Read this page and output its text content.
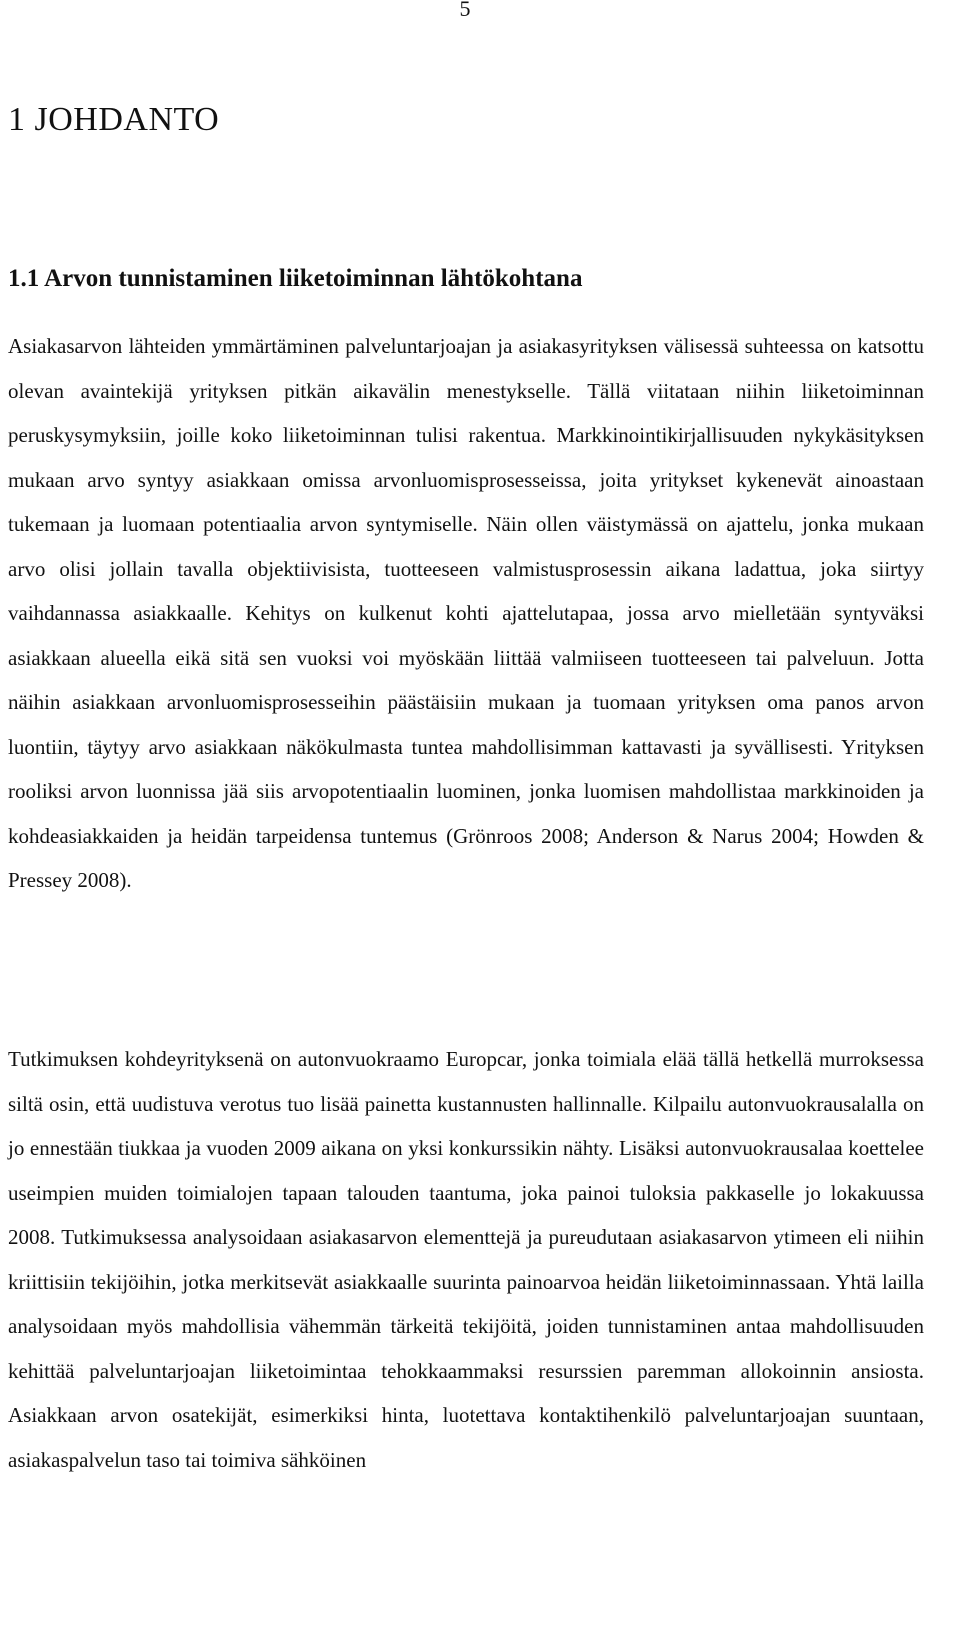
5
1 JOHDANTO
1.1 Arvon tunnistaminen liiketoiminnan lähtökohtana

Asiakasarvon lähteiden ymmärtäminen palveluntarjoajan ja asiakasyrityksen välisessä suhteessa on katsottu olevan avaintekijä yrityksen pitkän aikavälin menestykselle. Tällä viitataan niihin liiketoiminnan peruskysymyksiin, joille koko liiketoiminnan tulisi rakentua. Markkinointikirjallisuuden nykykäsityksen mukaan arvo syntyy asiakkaan omissa arvonluomisprosesseissa, joita yritykset kykenevät ainoastaan tukemaan ja luomaan potentiaalia arvon syntymiselle. Näin ollen väistymässä on ajattelu, jonka mukaan arvo olisi jollain tavalla objektiivisista, tuotteeseen valmistusprosessin aikana ladattua, joka siirtyy vaihdannassa asiakkaalle. Kehitys on kulkenut kohti ajattelutapaa, jossa arvo mielletään syntyväksi asiakkaan alueella eikä sitä sen vuoksi voi myöskään liittää valmiiseen tuotteeseen tai palveluun. Jotta näihin asiakkaan arvonluomisprosesseihin päästäisiin mukaan ja tuomaan yrityksen oma panos arvon luontiin, täytyy arvo asiakkaan näkökulmasta tuntea mahdollisimman kattavasti ja syvällisesti. Yrityksen rooliksi arvon luonnissa jää siis arvopotentiaalin luominen, jonka luomisen mahdollistaa markkinoiden ja kohdeasiakkaiden ja heidän tarpeidensa tuntemus (Grönroos 2008; Anderson & Narus 2004; Howden & Pressey 2008).

Tutkimuksen kohdeyrityksenä on autonvuokraamo Europcar, jonka toimiala elää tällä hetkellä murroksessa siltä osin, että uudistuva verotus tuo lisää painetta kustannusten hallinnalle. Kilpailu autonvuokrausalalla on jo ennestään tiukkaa ja vuoden 2009 aikana on yksi konkurssikin nähty. Lisäksi autonvuokrausalaa koettelee useimpien muiden toimialojen tapaan talouden taantuma, joka painoi tuloksia pakkaselle jo lokakuussa 2008. Tutkimuksessa analysoidaan asiakasarvon elementtejä ja pureudutaan asiakasarvon ytimeen eli niihin kriittisiin tekijöihin, jotka merkitsevät asiakkaalle suurinta painoarvoa heidän liiketoiminnassaan. Yhtä lailla analysoidaan myös mahdollisia vähemmän tärkeitä tekijöitä, joiden tunnistaminen antaa mahdollisuuden kehittää palveluntarjoajan liiketoimintaa tehokkaammaksi resurssien paremman allokoinnin ansiosta. Asiakkaan arvon osatekijät, esimerkiksi hinta, luotettava kontaktihenkilö palveluntarjoajan suuntaan, asiakaspalvelun taso tai toimiva sähköinen
